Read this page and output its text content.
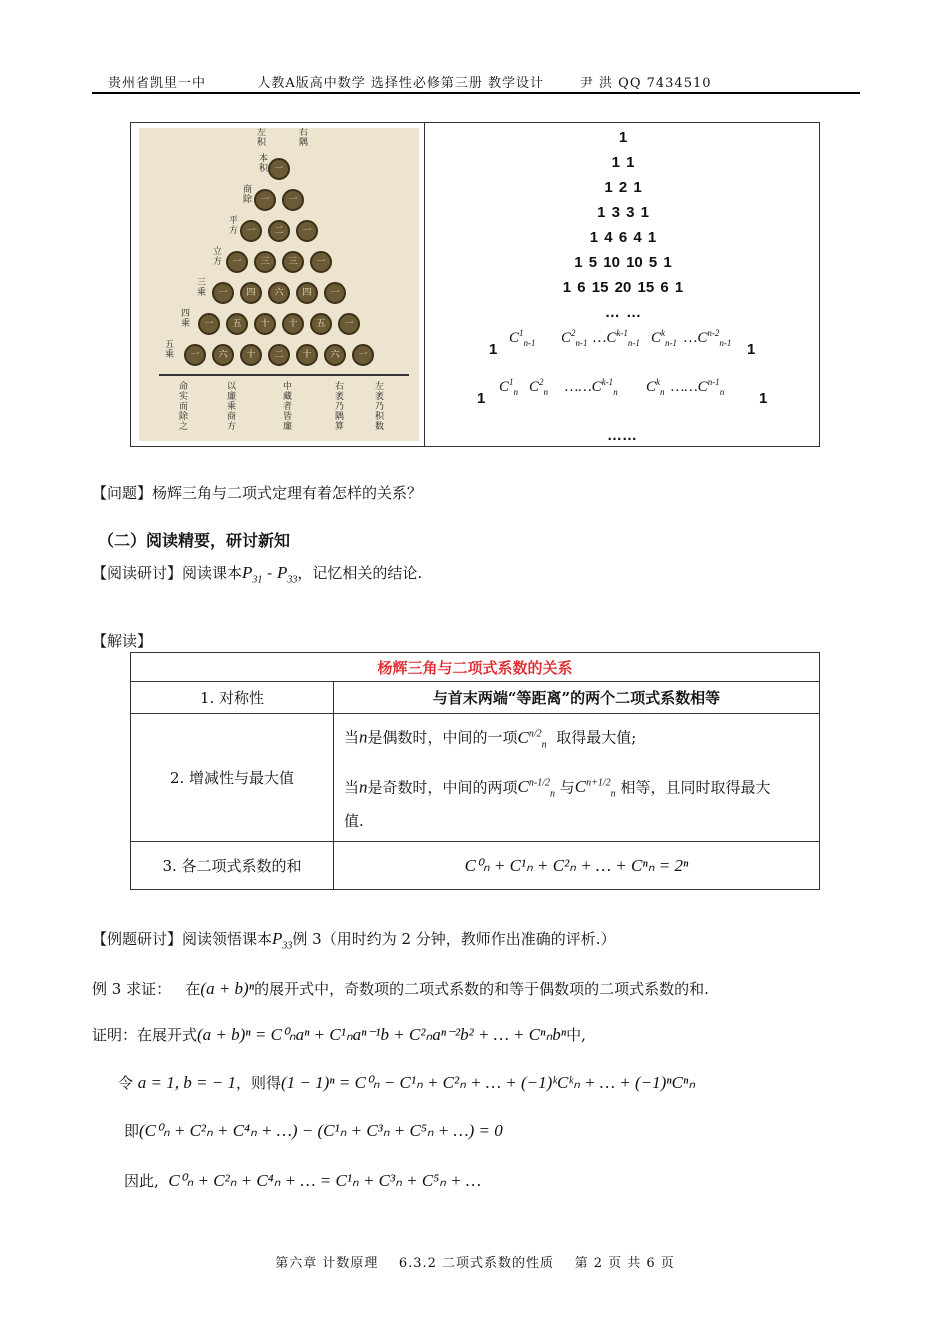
贵州省凯里一中          人教A版高中数学 选择性必修第三册 教学设计       尹 洪 QQ 7434510
一
一	一
一	二	一
一	三	三	一
一	四	六	四	一
一	五	十	十	五	一
一	六	十	二	十	六	一
左积
右隅
本积
商除
平方
立方
三乘
四乘
五乘
命实而除之
以廉乘商方
中藏者皆廉
右袤乃隅算
左袤乃积数
1
1 1
1 2 1
1 3 3 1
1 4 6 4 1
1 5 10 10 5 1
1 6 15 20 15 6 1
… …
1
$C^1_{n-1}$ $C^2_{n-1}$ $\dots C^{k-1}_{n-1}$ $C^k_{n-1}$ $\dots C^{n-2}_{n-1}$ 1
1
$C^1_n$ $C^2_n$ $\dots\dots C^{k-1}_n$ $C^k_n$ $\dots\dots C^{n-1}_n$ 1
……
【问题】杨辉三角与二项式定理有着怎样的关系？
（二）阅读精要，研讨新知
【阅读研讨】阅读课本$P_{31} - P_{33}$，记忆相关的结论.
【解读】
杨辉三角与二项式系数的关系	
1. 对称性	与首末两端“等距离”的两个二项式系数相等
2. 增减性与最大值	当n是偶数时，中间的一项$C^{n/2}_n$ 取得最大值;
当n是奇数时，中间的两项$C^{n-1/2}_n$ 与$C^{n+1/2}_n$ 相等，且同时取得最大
值.

3. 各二项式系数的和	C⁰ₙ + C¹ₙ + C²ₙ + … + Cⁿₙ = 2ⁿ
【例题研讨】阅读领悟课本$P_{33}$例 3（用时约为 2 分钟，教师作出准确的评析.）
例 3 求证： 在(a + b)ⁿ的展开式中，奇数项的二项式系数的和等于偶数项的二项式系数的和.
证明：在展开式(a + b)ⁿ = C⁰ₙaⁿ + C¹ₙaⁿ⁻¹b + C²ₙaⁿ⁻²b² + … + Cⁿₙbⁿ中,
令 a = 1, b = − 1，则得(1 − 1)ⁿ = C⁰ₙ − C¹ₙ + C²ₙ + … + (−1)ᵏCᵏₙ + … + (−1)ⁿCⁿₙ
即(C⁰ₙ + C²ₙ + C⁴ₙ + …) − (C¹ₙ + C³ₙ + C⁵ₙ + …) = 0
因此, C⁰ₙ + C²ₙ + C⁴ₙ + … = C¹ₙ + C³ₙ + C⁵ₙ + …
第六章 计数原理    6.3.2 二项式系数的性质    第 2 页 共 6 页
